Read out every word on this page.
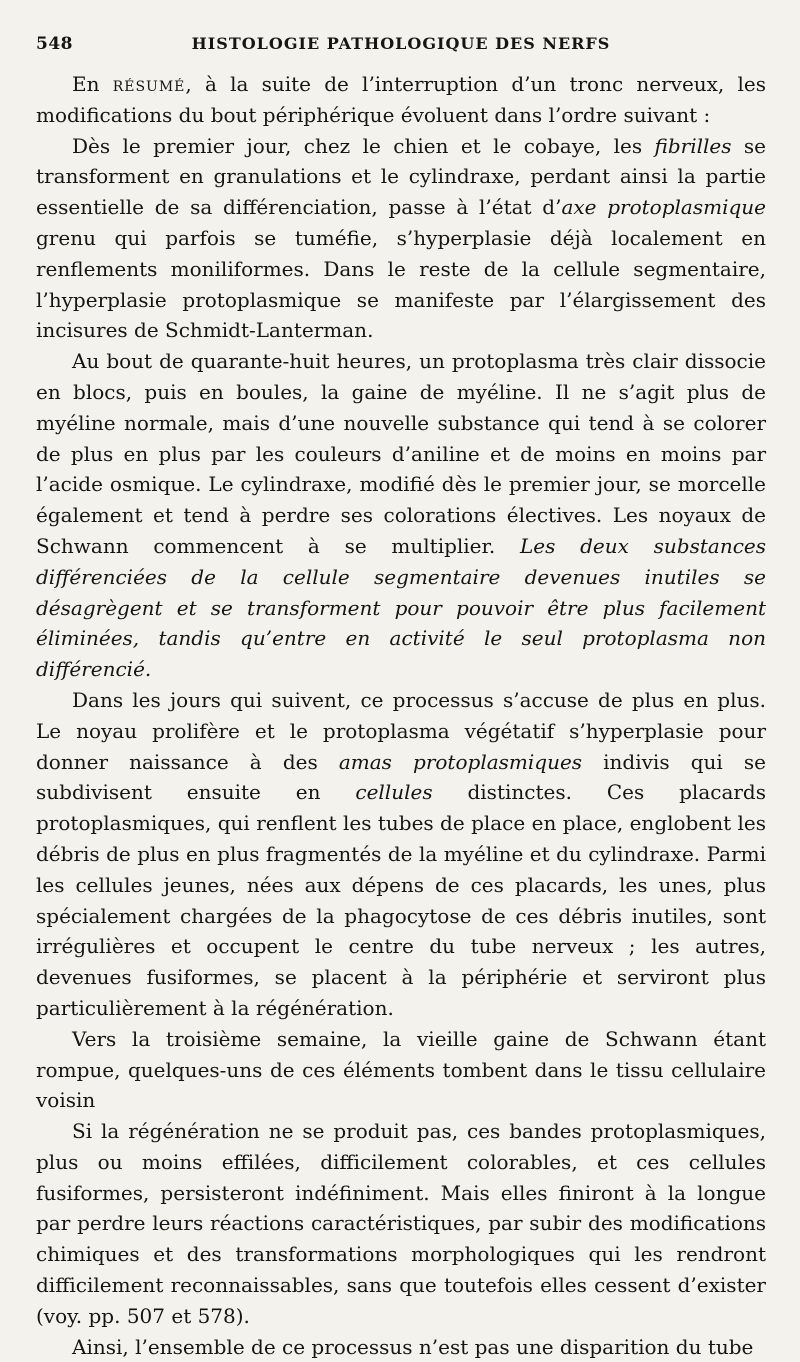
548	HISTOLOGIE PATHOLOGIQUE DES NERFS

En résumé, à la suite de l’interruption d’un tronc nerveux, les modifications du bout périphérique évoluent dans l’ordre suivant :

Dès le premier jour, chez le chien et le cobaye, les fibrilles se transforment en granulations et le cylindraxe, perdant ainsi la partie essentielle de sa différenciation, passe à l’état d’axe protoplasmique grenu qui parfois se tuméfie, s’hyperplasie déjà localement en renflements moniliformes. Dans le reste de la cellule segmentaire, l’hyperplasie protoplasmique se manifeste par l’élargissement des incisures de Schmidt-Lanterman.

Au bout de quarante-huit heures, un protoplasma très clair dissocie en blocs, puis en boules, la gaine de myéline. Il ne s’agit plus de myéline normale, mais d’une nouvelle substance qui tend à se colorer de plus en plus par les couleurs d’aniline et de moins en moins par l’acide osmique. Le cylindraxe, modifié dès le premier jour, se morcelle également et tend à perdre ses colorations électives. Les noyaux de Schwann commencent à se multiplier. Les deux substances différenciées de la cellule segmentaire devenues inutiles se désagrègent et se transforment pour pouvoir être plus facilement éliminées, tandis qu’entre en activité le seul protoplasma non différencié.

Dans les jours qui suivent, ce processus s’accuse de plus en plus. Le noyau prolifère et le protoplasma végétatif s’hyperplasie pour donner naissance à des amas protoplasmiques indivis qui se subdivisent ensuite en cellules distinctes. Ces placards protoplasmiques, qui renflent les tubes de place en place, englobent les débris de plus en plus fragmentés de la myéline et du cylindraxe. Parmi les cellules jeunes, nées aux dépens de ces placards, les unes, plus spécialement chargées de la phagocytose de ces débris inutiles, sont irrégulières et occupent le centre du tube nerveux ; les autres, devenues fusiformes, se placent à la périphérie et serviront plus particulièrement à la régénération.

Vers la troisième semaine, la vieille gaine de Schwann étant rompue, quelques-uns de ces éléments tombent dans le tissu cellulaire voisin

Si la régénération ne se produit pas, ces bandes protoplasmiques, plus ou moins effilées, difficilement colorables, et ces cellules fusiformes, persisteront indéfiniment. Mais elles finiront à la longue par perdre leurs réactions caractéristiques, par subir des modifications chimiques et des transformations morphologiques qui les rendront difficilement reconnaissables, sans que toutefois elles cessent d’exister (voy. pp. 507 et 578).

Ainsi, l’ensemble de ce processus n’est pas une disparition du tube
